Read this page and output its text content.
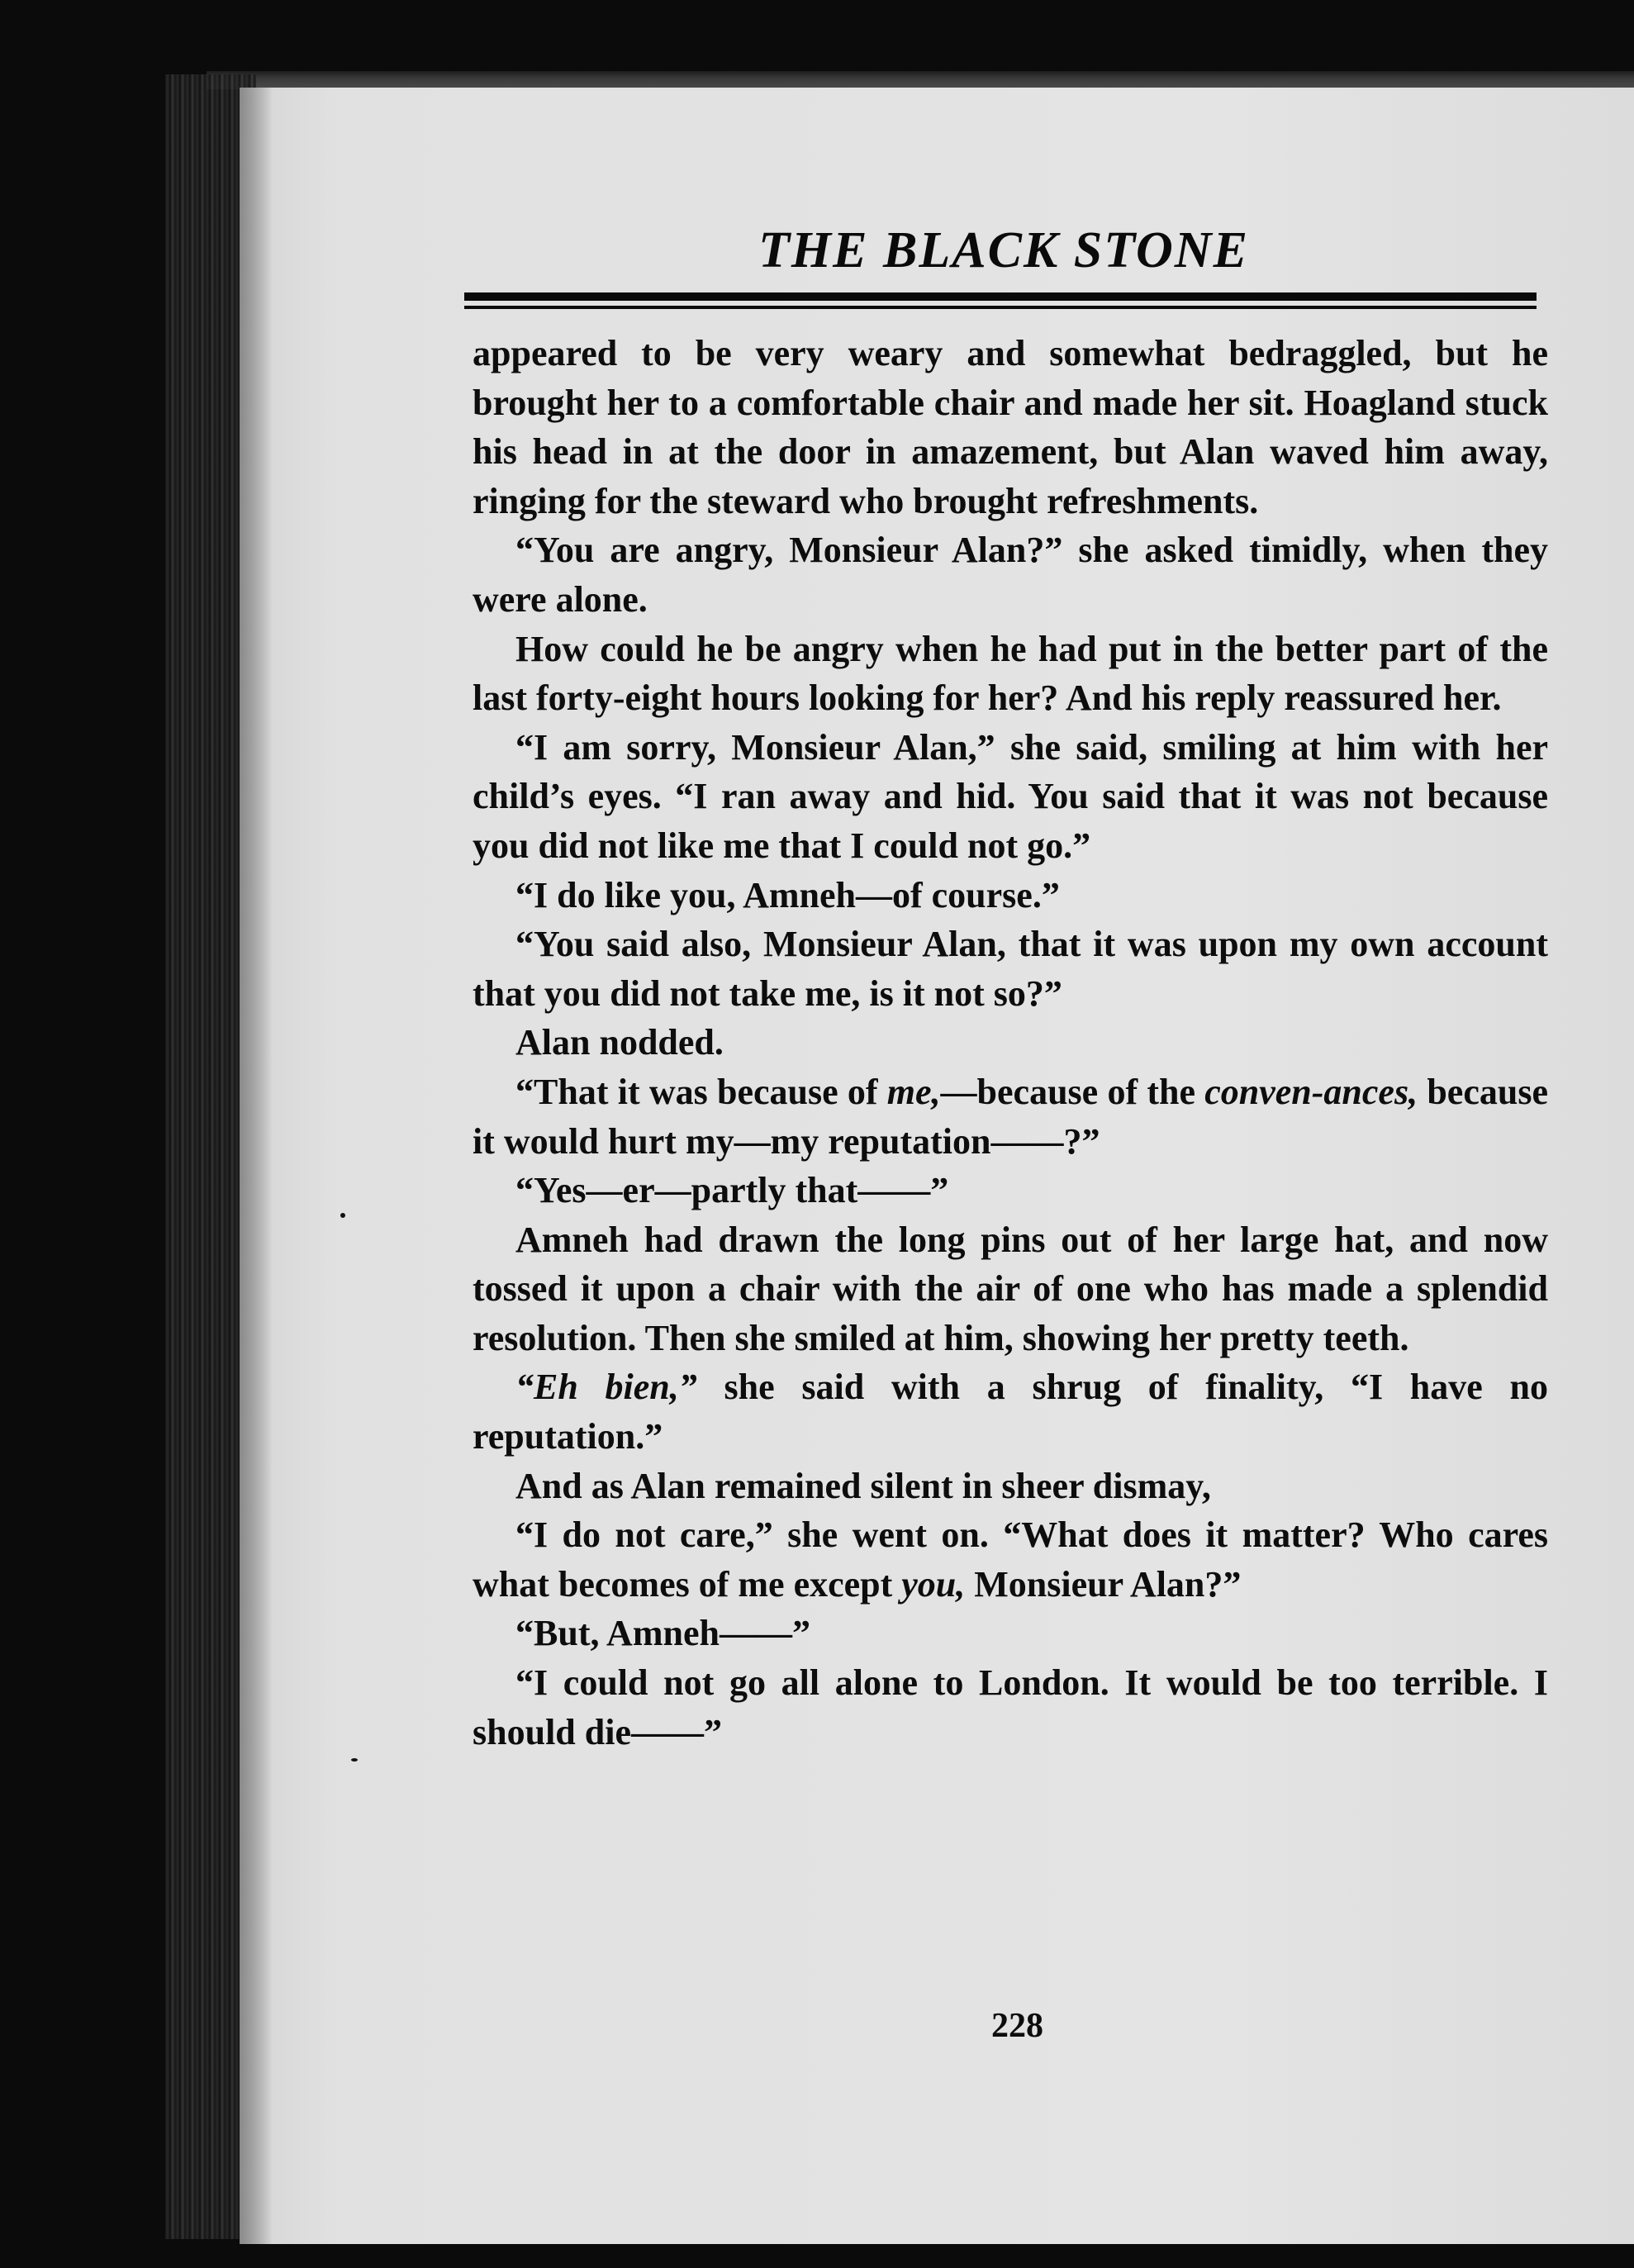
THE BLACK STONE

appeared to be very weary and somewhat bedraggled, but he brought her to a comfortable chair and made her sit. Hoagland stuck his head in at the door in amazement, but Alan waved him away, ringing for the steward who brought refreshments.

“You are angry, Monsieur Alan?” she asked timidly, when they were alone.

How could he be angry when he had put in the better part of the last forty-eight hours looking for her? And his reply reassured her.

“I am sorry, Monsieur Alan,” she said, smiling at him with her child’s eyes. “I ran away and hid. You said that it was not because you did not like me that I could not go.”

“I do like you, Amneh—of course.”

“You said also, Monsieur Alan, that it was upon my own account that you did not take me, is it not so?”

Alan nodded.

“That it was because of me,—because of the conven-ances, because it would hurt my—my reputation——?”

“Yes—er—partly that——”

Amneh had drawn the long pins out of her large hat, and now tossed it upon a chair with the air of one who has made a splendid resolution. Then she smiled at him, showing her pretty teeth.

“Eh bien,” she said with a shrug of finality, “I have no reputation.”

And as Alan remained silent in sheer dismay,

“I do not care,” she went on. “What does it matter? Who cares what becomes of me except you, Monsieur Alan?”

“But, Amneh——”

“I could not go all alone to London. It would be too terrible. I should die——”

228
